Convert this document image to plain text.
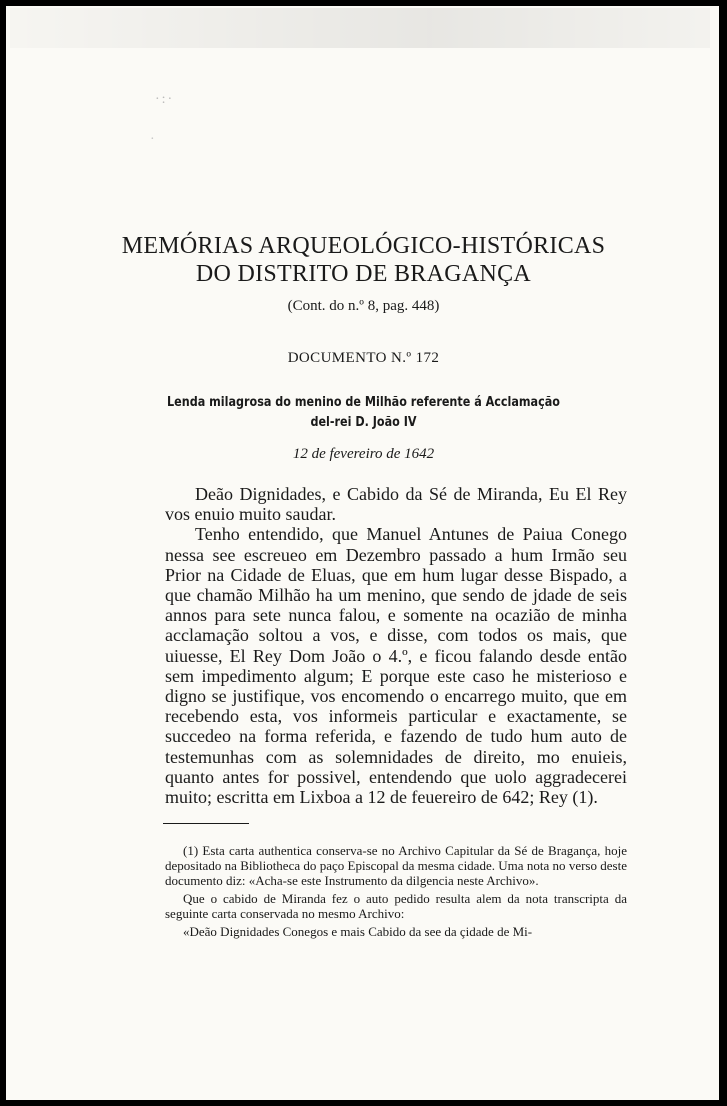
·:·
·
MEMÓRIAS ARQUEOLÓGICO-HISTÓRICAS
DO DISTRITO DE BRAGANÇA
(Cont. do n.º 8, pag. 448)
DOCUMENTO N.º 172
Lenda milagrosa do menino de Milhão referente á Acclamação
del-rei D. João IV
12 de fevereiro de 1642

Deão Dignidades, e Cabido da Sé de Miranda, Eu El Rey vos enuio muito saudar.

Tenho entendido, que Manuel Antunes de Paiua Conego nessa see escreueo em Dezembro passado a hum Irmão seu Prior na Cidade de Eluas, que em hum lugar desse Bispado, a que chamão Milhão ha um menino, que sendo de jdade de seis annos para sete nunca falou, e somente na ocazião de minha acclamação soltou a vos, e disse, com todos os mais, que uiuesse, El Rey Dom João o 4.º, e ficou falando desde então sem impedimento algum; E porque este caso he misterioso e digno se justifique, vos encomendo o encarrego muito, que em recebendo esta, vos informeis particular e exactamente, se succedeo na forma referida, e fazendo de tudo hum auto de testemunhas com as solemnidades de direito, mo enuieis, quanto antes for possivel, entendendo que uolo aggradecerei muito; escritta em Lixboa a 12 de feuereiro de 642; Rey (1).

(1) Esta carta authentica conserva-se no Archivo Capitular da Sé de Bragança, hoje depositado na Bibliotheca do paço Episcopal da mesma cidade. Uma nota no verso deste documento diz: «Acha-se este Instrumento da dilgencia neste Archivo».

Que o cabido de Miranda fez o auto pedido resulta alem da nota transcripta da seguinte carta conservada no mesmo Archivo:

«Deão Dignidades Conegos e mais Cabido da see da çidade de Mi-
